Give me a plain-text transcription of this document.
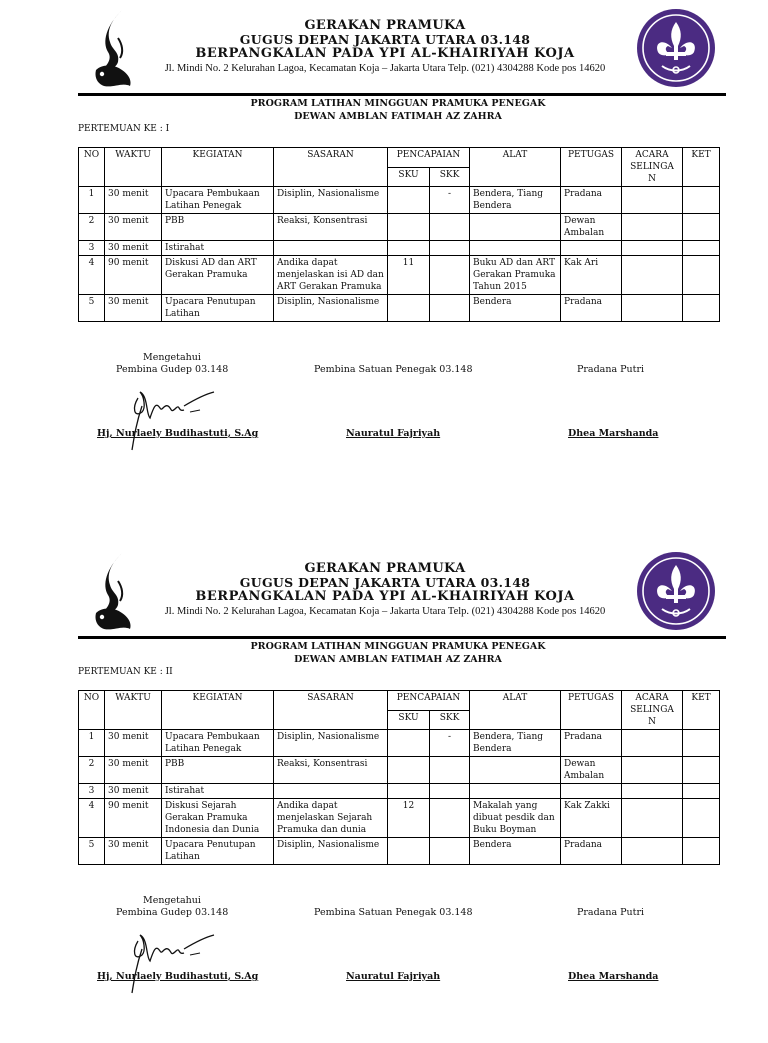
GERAKAN PRAMUKA
GUGUS DEPAN JAKARTA UTARA 03.148
BERPANGKALAN PADA YPI AL-KHAIRIYAH KOJA
Jl. Mindi No. 2 Kelurahan Lagoa, Kecamatan Koja – Jakarta Utara Telp. (021) 4304288 Kode pos 14620
PROGRAM LATIHAN MINGGUAN PRAMUKA PENEGAK
DEWAN AMBLAN FATIMAH AZ ZAHRA
PERTEMUAN KE : I
NO	WAKTU	KEGIATAN	SASARAN	PENCAPAIAN		ALAT	PETUGAS	ACARA SELINGA N	KET
				SKU	SKK				
1	30 menit	Upacara Pembukaan Latihan Penegak	Disiplin, Nasionalisme		-	Bendera, Tiang Bendera	Pradana		
2	30 menit	PBB	Reaksi, Konsentrasi				Dewan Ambalan		
3	30 menit	Istirahat							
4	90 menit	Diskusi AD dan ART Gerakan Pramuka	Andika dapat menjelaskan isi AD dan ART Gerakan Pramuka	11		Buku AD dan ART Gerakan Pramuka Tahun 2015	Kak Ari		
5	30 menit	Upacara Penutupan Latihan	Disiplin, Nasionalisme			Bendera	Pradana		
Mengetahui
Pembina Gudep 03.148	Pembina Satuan Penegak 03.148	Pradana Putri
Hj, Nurlaely Budihastuti, S.Ag	Nauratul Fajriyah	Dhea Marshanda
GERAKAN PRAMUKA
GUGUS DEPAN JAKARTA UTARA 03.148
BERPANGKALAN PADA YPI AL-KHAIRIYAH KOJA
Jl. Mindi No. 2 Kelurahan Lagoa, Kecamatan Koja – Jakarta Utara Telp. (021) 4304288 Kode pos 14620
PROGRAM LATIHAN MINGGUAN PRAMUKA PENEGAK
DEWAN AMBLAN FATIMAH AZ ZAHRA
PERTEMUAN KE : II
NO	WAKTU	KEGIATAN	SASARAN	PENCAPAIAN		ALAT	PETUGAS	ACARA SELINGA N	KET
				SKU	SKK				
1	30 menit	Upacara Pembukaan Latihan Penegak	Disiplin, Nasionalisme		-	Bendera, Tiang Bendera	Pradana		
2	30 menit	PBB	Reaksi, Konsentrasi				Dewan Ambalan		
3	30 menit	Istirahat							
4	90 menit	Diskusi Sejarah Gerakan Pramuka Indonesia dan Dunia	Andika dapat menjelaskan Sejarah Pramuka dan dunia	12		Makalah yang dibuat pesdik dan Buku Boyman	Kak Zakki		
5	30 menit	Upacara Penutupan Latihan	Disiplin, Nasionalisme			Bendera	Pradana		
Mengetahui
Pembina Gudep 03.148	Pembina Satuan Penegak 03.148	Pradana Putri
Hj, Nurlaely Budihastuti, S.Ag	Nauratul Fajriyah	Dhea Marshanda
